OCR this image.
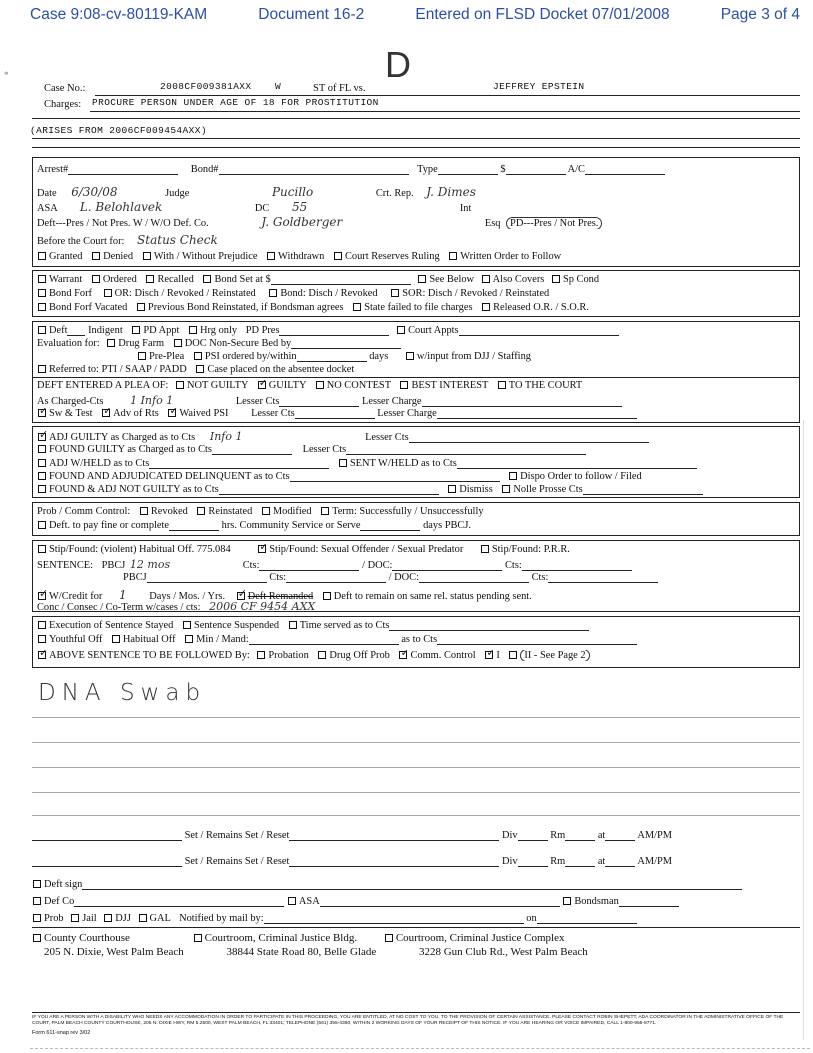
Case 9:08-cv-80119-KAM	Document 16-2	Entered on FLSD Docket 07/01/2008	Page 3 of 4
D
*
Case No.:	2008CF009381AXX W	ST of FL vs.	JEFFREY EPSTEIN
Charges: PROCURE PERSON UNDER AGE OF 18 FOR PROSTITUTION
(ARISES FROM 2006CF009454AXX)
Arrest#	Bond#	Type	$	A/C
Date 6/30/08	Judge	Pucillo	Crt. Rep. J. Dimes
ASA L. Belohlavek	DC 55	Int
Deft---Pres / Not Pres. W / W/O Def. Co.	J. Goldberger	Esq PD---Pres / Not Pres.
Before the Court for: Status Check
Granted Denied With / Without Prejudice Withdrawn Court Reserves Ruling Written Order to Follow
Warrant Ordered Recalled Bond Set at $	See Below Also Covers Sp Cond
Bond Forf OR: Disch / Revoked / Reinstated Bond: Disch / Revoked SOR: Disch / Revoked / Reinstated
Bond Forf Vacated Previous Bond Reinstated, if Bondsman agrees State failed to file charges Released O.R. / S.O.R.
Deft Indigent PD Appt Hrg only PD Pres	Court Appts
Evaluation for: Drug Farm DOC Non-Secure Bed by
Pre-Plea PSI ordered by/within	days	w/input from DJJ / Staffing
Referred to: PTI / SAAP / PADD Case placed on the absentee docket
DEFT ENTERED A PLEA OF: NOT GUILTY ✓ GUILTY NO CONTEST BEST INTEREST TO THE COURT
As Charged-Cts 1 Info 1	Lesser Cts	Lesser Charge
✓Sw & Test ✓ Adv of Rts ✓ Waived PSI Lesser Cts	Lesser Charge
✓ADJ GUILTY as Charged as to Cts Info 1	Lesser Cts
FOUND GUILTY as Charged as to Cts	Lesser Cts
ADJ W/HELD as to Cts	SENT W/HELD as to Cts
FOUND AND ADJUDICATED DELINQUENT as to Cts	Dispo Order to follow / Filed
FOUND & ADJ NOT GUILTY as to Cts	Dismiss Nolle Prosse Cts
Prob / Comm Control: Revoked Reinstated Modified Term: Successfully / Unsuccessfully
Deft. to pay fine or complete	hrs. Community Service or Serve	days PBCJ.
Stip/Found: (violent) Habitual Off. 775.084 ✓	Stip/Found: Sexual Offender / Sexual Predator	Stip/Found: P.R.R.
SENTENCE: PBCJ 12 mos	Cts:	/ DOC:	Cts:
PBCJ	Cts:	/ DOC:	Cts:
✓W/Credit for 1 Days / Mos. / Yrs. ✓ Deft Remanded Deft to remain on same rel. status pending sent.
Conc / Consec / Co-Term w/cases / cts: 2006 CF 9454 AXX
Execution of Sentence Stayed Sentence Suspended Time served as to Cts
Youthful Off Habitual Off Min / Mand:	as to Cts
✓ABOVE SENTENCE TO BE FOLLOWED By: Probation Drug Off Prob ✓ Comm. Control ✓ I II - See Page 2
DNA Swab
Set / Remains Set / Reset	Div	Rm	at	AM/PM
Set / Remains Set / Reset	Div	Rm	at	AM/PM
Deft sign
Def Co	ASA	Bondsman
Prob Jail DJJ GAL Notified by mail by:	on
County Courthouse	Courtroom, Criminal Justice Bldg.	Courtroom, Criminal Justice Complex
205 N. Dixie, West Palm Beach	38844 State Road 80, Belle Glade	3228 Gun Club Rd., West Palm Beach
IF YOU ARE A PERSON WITH A DISABILITY WHO NEEDS ANY ACCOMMODATION IN ORDER TO PARTICIPATE IN THIS PROCEEDING, YOU ARE ENTITLED, AT NO COST TO YOU, TO THE PROVISION OF CERTAIN ASSISTANCE. PLEASE CONTACT ROBIN SHEPETT, ADA COORDINATOR IN THE ADMINISTRATIVE OFFICE OF THE COURT, PALM BEACH COUNTY COURTHOUSE, 205 N. DIXIE HWY, RM 5.2500, WEST PALM BEACH, FL 33401; TELEPHONE (561) 355-4380, WITHIN 2 WORKING DAYS OF YOUR RECEIPT OF THIS NOTICE. IF YOU ARE HEARING OR VOICE IMPAIRED, CALL 1-800-955-8771.
Form 611-snap rev 3/02
